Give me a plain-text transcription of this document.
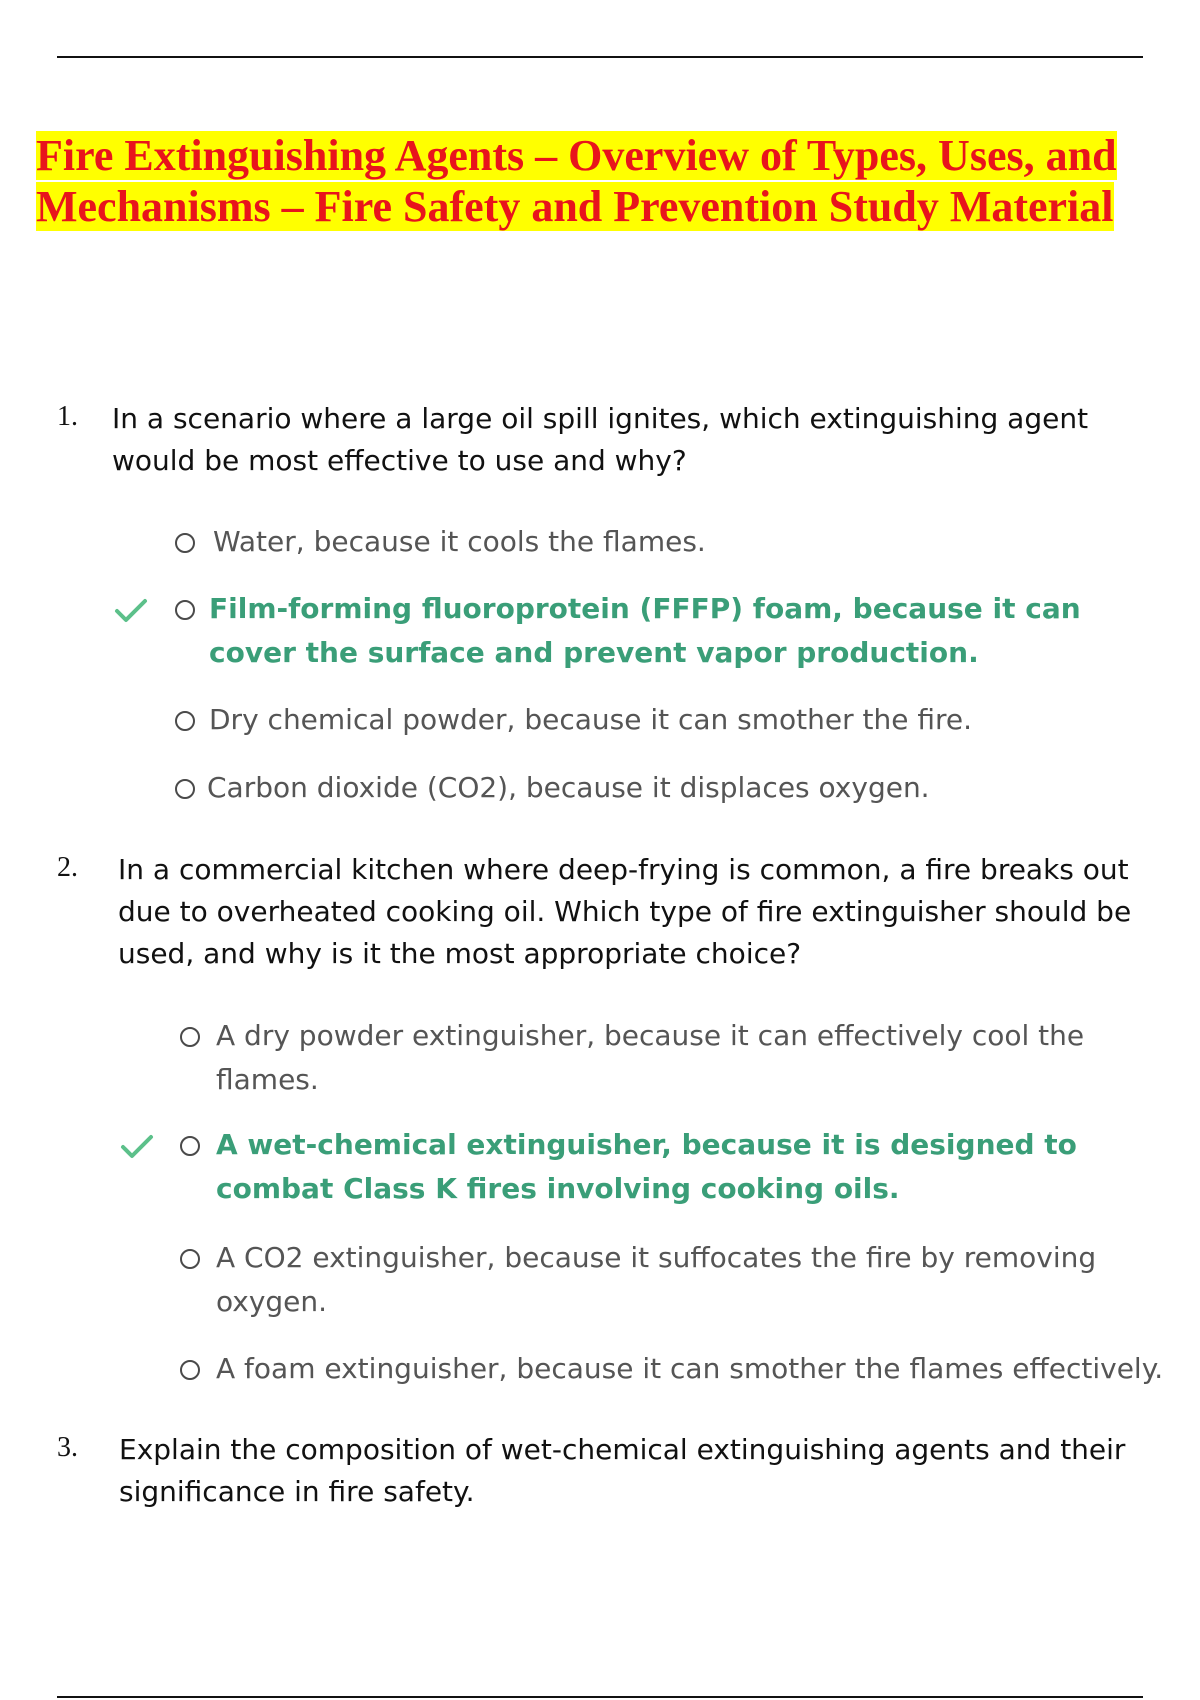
Fire Extinguishing Agents – Overview of Types, Uses, and Mechanisms – Fire Safety and Prevention Study Material
1. In a scenario where a large oil spill ignites, which extinguishing agent would be most effective to use and why?
Water, because it cools the flames.
Film-forming fluoroprotein (FFFP) foam, because it can cover the surface and prevent vapor production.
Dry chemical powder, because it can smother the fire.
Carbon dioxide (CO2), because it displaces oxygen.
2. In a commercial kitchen where deep-frying is common, a fire breaks out due to overheated cooking oil. Which type of fire extinguisher should be used, and why is it the most appropriate choice?
A dry powder extinguisher, because it can effectively cool the flames.
A wet-chemical extinguisher, because it is designed to combat Class K fires involving cooking oils.
A CO2 extinguisher, because it suffocates the fire by removing oxygen.
A foam extinguisher, because it can smother the flames effectively.
3. Explain the composition of wet-chemical extinguishing agents and their significance in fire safety.
